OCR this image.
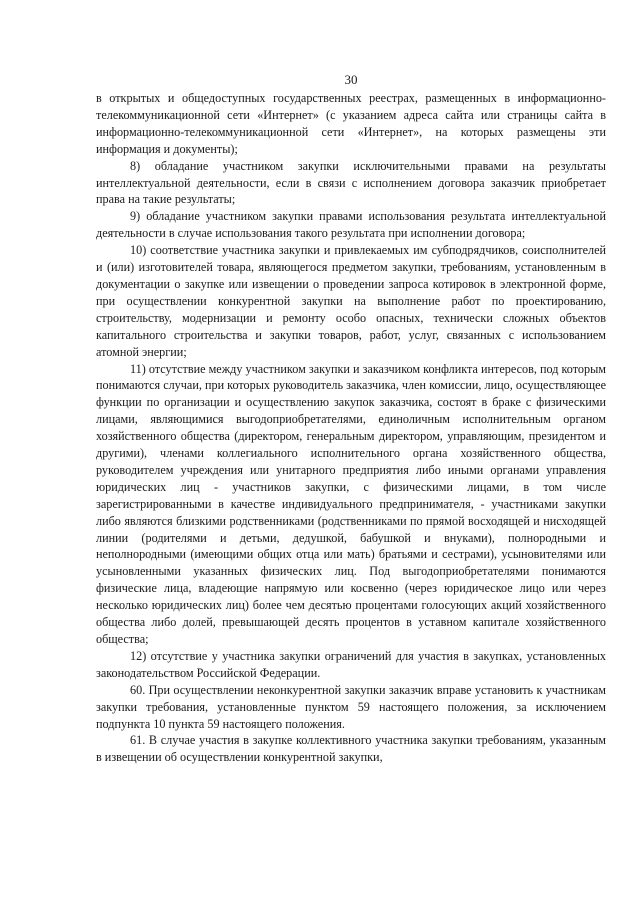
30

в открытых и общедоступных государственных реестрах, размещенных в информационно-телекоммуникационной сети «Интернет» (с указанием адреса сайта или страницы сайта в информационно-телекоммуникационной сети «Интернет», на которых размещены эти информация и документы);

8) обладание участником закупки исключительными правами на результаты интеллектуальной деятельности, если в связи с исполнением договора заказчик приобретает права на такие результаты;

9) обладание участником закупки правами использования результата интеллектуальной деятельности в случае использования такого результата при исполнении договора;

10) соответствие участника закупки и привлекаемых им субподрядчиков, соисполнителей и (или) изготовителей товара, являющегося предметом закупки, требованиям, установленным в документации о закупке или извещении о проведении запроса котировок в электронной форме, при осуществлении конкурентной закупки на выполнение работ по проектированию, строительству, модернизации и ремонту особо опасных, технически сложных объектов капитального строительства и закупки товаров, работ, услуг, связанных с использованием атомной энергии;

11) отсутствие между участником закупки и заказчиком конфликта интересов, под которым понимаются случаи, при которых руководитель заказчика, член комиссии, лицо, осуществляющее функции по организации и осуществлению закупок заказчика, состоят в браке с физическими лицами, являющимися выгодоприобретателями, единоличным исполнительным органом хозяйственного общества (директором, генеральным директором, управляющим, президентом и другими), членами коллегиального исполнительного органа хозяйственного общества, руководителем учреждения или унитарного предприятия либо иными органами управления юридических лиц - участников закупки, с физическими лицами, в том числе зарегистрированными в качестве индивидуального предпринимателя, - участниками закупки либо являются близкими родственниками (родственниками по прямой восходящей и нисходящей линии (родителями и детьми, дедушкой, бабушкой и внуками), полнородными и неполнородными (имеющими общих отца или мать) братьями и сестрами), усыновителями или усыновленными указанных физических лиц. Под выгодоприобретателями понимаются физические лица, владеющие напрямую или косвенно (через юридическое лицо или через несколько юридических лиц) более чем десятью процентами голосующих акций хозяйственного общества либо долей, превышающей десять процентов в уставном капитале хозяйственного общества;

12) отсутствие у участника закупки ограничений для участия в закупках, установленных законодательством Российской Федерации.

60. При осуществлении неконкурентной закупки заказчик вправе установить к участникам закупки требования, установленные пунктом 59 настоящего положения, за исключением подпункта 10 пункта 59 настоящего положения.

61. В случае участия в закупке коллективного участника закупки требованиям, указанным в извещении об осуществлении конкурентной закупки,
